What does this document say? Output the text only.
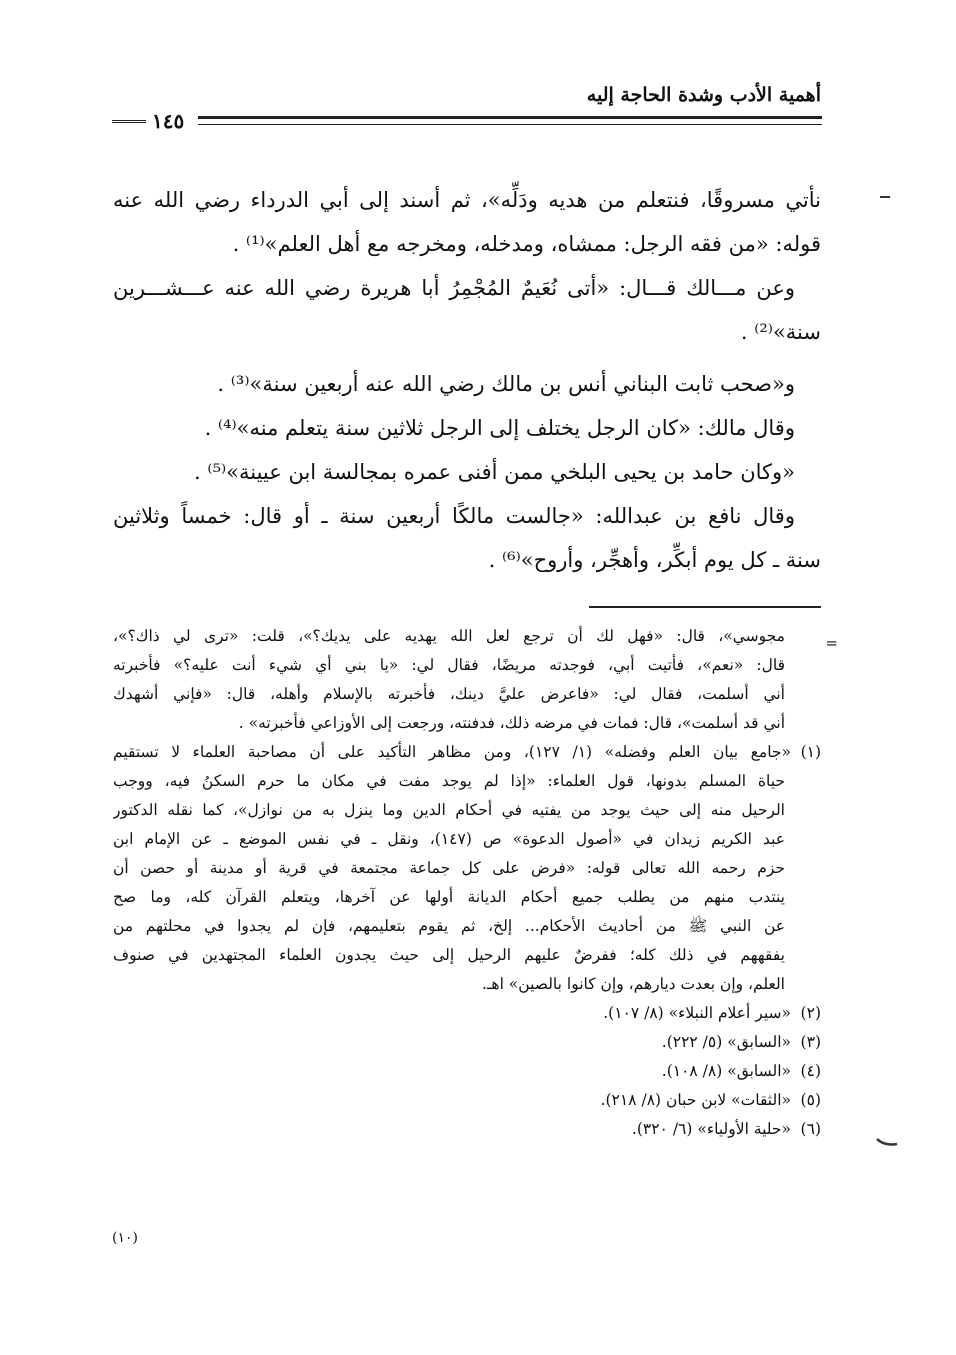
أهمية الأدب وشدة الحاجة إليه
١٤٥
نأتي مسروقًا، فنتعلم من هديه ودَلِّه»، ثم أسند إلى أبي الدرداء رضي الله عنه
قوله: «من فقه الرجل: ممشاه، ومدخله، ومخرجه مع أهل العلم»⁽¹⁾ .
وعن مـــالك قـــال: «أتى نُعَيمٌ المُجْمِرُ أبا هريرة رضي الله عنه عـــشـــرين
سنة»⁽²⁾ .
و«صحب ثابت البناني أنس بن مالك رضي الله عنه أربعين سنة»⁽³⁾ .
وقال مالك: «كان الرجل يختلف إلى الرجل ثلاثين سنة يتعلم منه»⁽⁴⁾ .
«وكان حامد بن يحيى البلخي ممن أفنى عمره بمجالسة ابن عيينة»⁽⁵⁾ .
وقال نافع بن عبدالله: «جالست مالكًا أربعين سنة ـ أو قال: خمساً وثلاثين
سنة ـ كل يوم أبكِّر، وأهجِّر، وأروح»⁽⁶⁾ .
=
مجوسي»، قال: «فهل لك أن ترجع لعل الله يهديه على يديك؟»، قلت: «ترى لي ذاك؟»،
قال: «نعم»، فأتيت أبي، فوجدته مريضًا، فقال لي: «يا بني أي شيء أنت عليه؟» فأخبرته
أني أسلمت، فقال لي: «فاعرض عليَّ دينك، فأخبرته بالإسلام وأهله، قال: «فإني أشهدك
أني قد أسلمت»، قال: فمات في مرضه ذلك، فدفنته، ورجعت إلى الأوزاعي فأخبرته» .
(١)«جامع بيان العلم وفضله» (١/ ١٢٧)، ومن مظاهر التأكيد على أن مصاحبة العلماء لا تستقيم
حياة المسلم بدونها، قول العلماء: «إذا لم يوجد مفت في مكان ما حرم السكنُ فيه، ووجب
الرحيل منه إلى حيث يوجد من يفتيه في أحكام الدين وما ينزل به من نوازل»، كما نقله الدكتور
عبد الكريم زيدان في «أصول الدعوة» ص (١٤٧)، ونقل ـ في نفس الموضع ـ عن الإمام ابن
حزم رحمه الله تعالى قوله: «فرض على كل جماعة مجتمعة في قرية أو مدينة أو حصن أن
ينتدب منهم من يطلب جميع أحكام الديانة أولها عن آخرها، ويتعلم القرآن كله، وما صح
عن النبي ﷺ من أحاديث الأحكام... إلخ، ثم يقوم بتعليمهم، فإن لم يجدوا في محلتهم من
يفقههم في ذلك كله؛ ففرضٌ عليهم الرحيل إلى حيث يجدون العلماء المجتهدين في صنوف
العلم، وإن بعدت ديارهم، وإن كانوا بالصين» اهـ.
(٢)«سير أعلام النبلاء» (٨/ ١٠٧).
(٣)«السابق» (٥/ ٢٢٢).
(٤)«السابق» (٨/ ١٠٨).
(٥)«الثقات» لابن حبان (٨/ ٢١٨).
(٦)«حلية الأولياء» (٦/ ٣٢٠).
(١٠)
